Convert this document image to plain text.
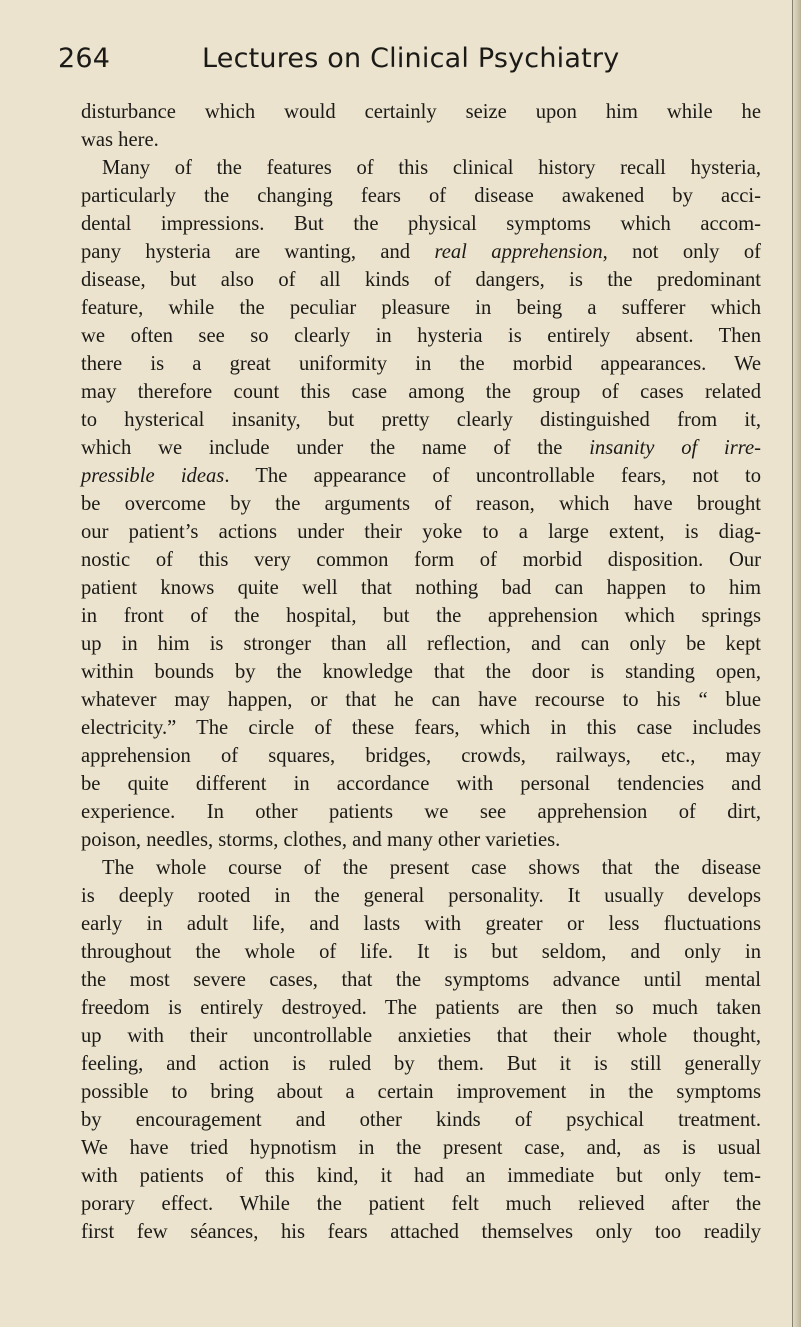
264	Lectures on Clinical Psychiatry
disturbance which would certainly seize upon him while he
was here.
Many of the features of this clinical history recall hysteria,
particularly the changing fears of disease awakened by acci-
dental impressions. But the physical symptoms which accom-
pany hysteria are wanting, and real apprehension, not only of
disease, but also of all kinds of dangers, is the predominant
feature, while the peculiar pleasure in being a sufferer which
we often see so clearly in hysteria is entirely absent. Then
there is a great uniformity in the morbid appearances. We
may therefore count this case among the group of cases related
to hysterical insanity, but pretty clearly distinguished from it,
which we include under the name of the insanity of irre-
pressible ideas. The appearance of uncontrollable fears, not to
be overcome by the arguments of reason, which have brought
our patient’s actions under their yoke to a large extent, is diag-
nostic of this very common form of morbid disposition. Our
patient knows quite well that nothing bad can happen to him
in front of the hospital, but the apprehension which springs
up in him is stronger than all reflection, and can only be kept
within bounds by the knowledge that the door is standing open,
whatever may happen, or that he can have recourse to his “ blue
electricity.” The circle of these fears, which in this case includes
apprehension of squares, bridges, crowds, railways, etc., may
be quite different in accordance with personal tendencies and
experience. In other patients we see apprehension of dirt,
poison, needles, storms, clothes, and many other varieties.
The whole course of the present case shows that the disease
is deeply rooted in the general personality. It usually develops
early in adult life, and lasts with greater or less fluctuations
throughout the whole of life. It is but seldom, and only in
the most severe cases, that the symptoms advance until mental
freedom is entirely destroyed. The patients are then so much taken
up with their uncontrollable anxieties that their whole thought,
feeling, and action is ruled by them. But it is still generally
possible to bring about a certain improvement in the symptoms
by encouragement and other kinds of psychical treatment.
We have tried hypnotism in the present case, and, as is usual
with patients of this kind, it had an immediate but only tem-
porary effect. While the patient felt much relieved after the
first few séances, his fears attached themselves only too readily
